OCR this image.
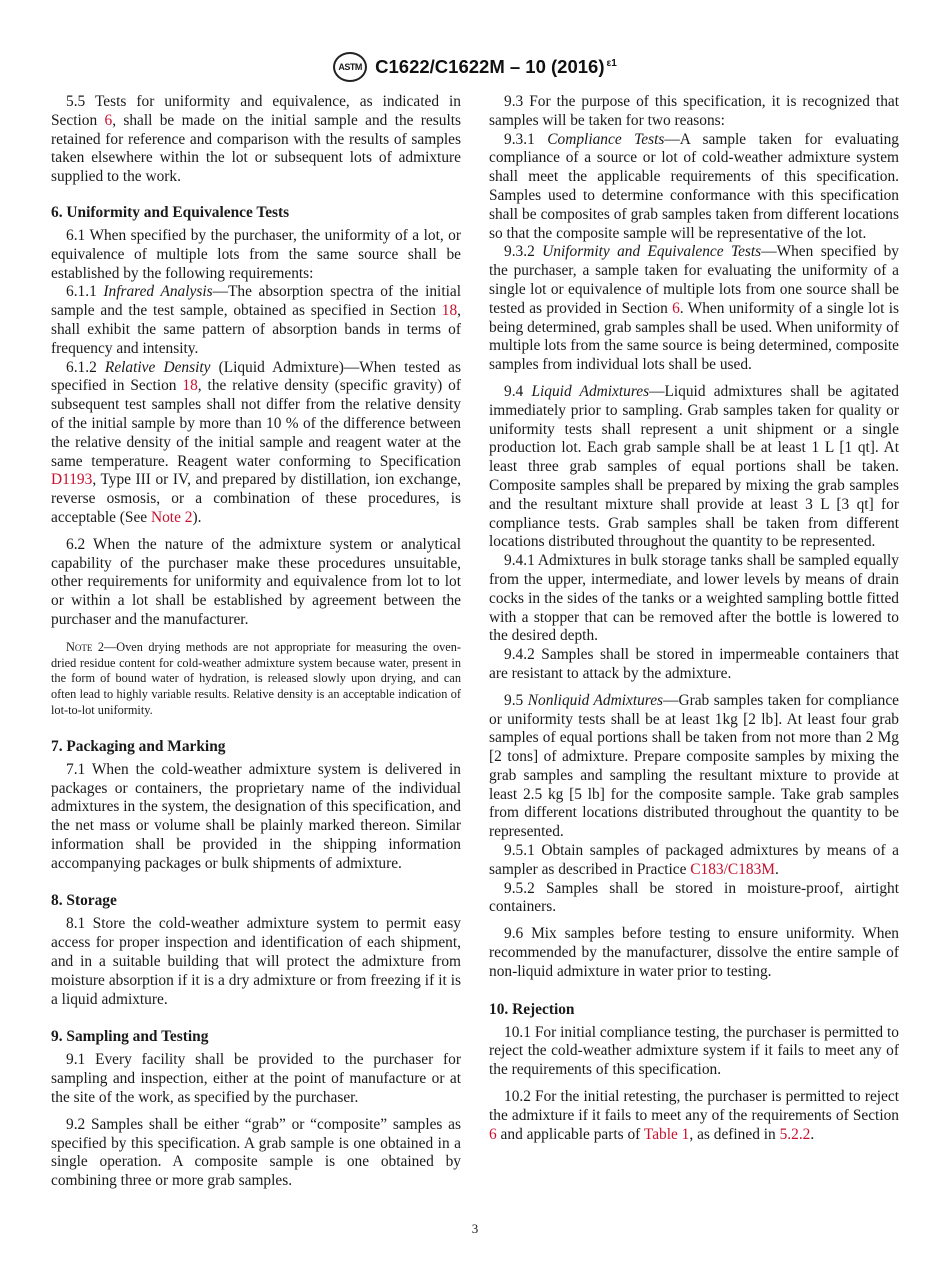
ASTM C1622/C1622M – 10 (2016) $^{\varepsilon 1}$

5.5 Tests for uniformity and equivalence, as indicated in Section 6, shall be made on the initial sample and the results retained for reference and comparison with the results of samples taken elsewhere within the lot or subsequent lots of admixture supplied to the work.

6. Uniformity and Equivalence Tests

6.1 When specified by the purchaser, the uniformity of a lot, or equivalence of multiple lots from the same source shall be established by the following requirements:

6.1.1 Infrared Analysis—The absorption spectra of the initial sample and the test sample, obtained as specified in Section 18, shall exhibit the same pattern of absorption bands in terms of frequency and intensity.

6.1.2 Relative Density (Liquid Admixture)—When tested as specified in Section 18, the relative density (specific gravity) of subsequent test samples shall not differ from the relative density of the initial sample by more than 10 % of the difference between the relative density of the initial sample and reagent water at the same temperature. Reagent water conforming to Specification D1193, Type III or IV, and prepared by distillation, ion exchange, reverse osmosis, or a combination of these procedures, is acceptable (See Note 2).

6.2 When the nature of the admixture system or analytical capability of the purchaser make these procedures unsuitable, other requirements for uniformity and equivalence from lot to lot or within a lot shall be established by agreement between the purchaser and the manufacturer.

Note 2—Oven drying methods are not appropriate for measuring the oven-dried residue content for cold-weather admixture system because water, present in the form of bound water of hydration, is released slowly upon drying, and can often lead to highly variable results. Relative density is an acceptable indication of lot-to-lot uniformity.
7. Packaging and Marking

7.1 When the cold-weather admixture system is delivered in packages or containers, the proprietary name of the individual admixtures in the system, the designation of this specification, and the net mass or volume shall be plainly marked thereon. Similar information shall be provided in the shipping information accompanying packages or bulk shipments of admixture.

8. Storage

8.1 Store the cold-weather admixture system to permit easy access for proper inspection and identification of each shipment, and in a suitable building that will protect the admixture from moisture absorption if it is a dry admixture or from freezing if it is a liquid admixture.

9. Sampling and Testing

9.1 Every facility shall be provided to the purchaser for sampling and inspection, either at the point of manufacture or at the site of the work, as specified by the purchaser.

9.2 Samples shall be either “grab” or “composite” samples as specified by this specification. A grab sample is one obtained in a single operation. A composite sample is one obtained by combining three or more grab samples.

9.3 For the purpose of this specification, it is recognized that samples will be taken for two reasons:

9.3.1 Compliance Tests—A sample taken for evaluating compliance of a source or lot of cold-weather admixture system shall meet the applicable requirements of this specification. Samples used to determine conformance with this specification shall be composites of grab samples taken from different locations so that the composite sample will be representative of the lot.

9.3.2 Uniformity and Equivalence Tests—When specified by the purchaser, a sample taken for evaluating the uniformity of a single lot or equivalence of multiple lots from one source shall be tested as provided in Section 6. When uniformity of a single lot is being determined, grab samples shall be used. When uniformity of multiple lots from the same source is being determined, composite samples from individual lots shall be used.

9.4 Liquid Admixtures—Liquid admixtures shall be agitated immediately prior to sampling. Grab samples taken for quality or uniformity tests shall represent a unit shipment or a single production lot. Each grab sample shall be at least 1 L [1 qt]. At least three grab samples of equal portions shall be taken. Composite samples shall be prepared by mixing the grab samples and the resultant mixture shall provide at least 3 L [3 qt] for compliance tests. Grab samples shall be taken from different locations distributed throughout the quantity to be represented.

9.4.1 Admixtures in bulk storage tanks shall be sampled equally from the upper, intermediate, and lower levels by means of drain cocks in the sides of the tanks or a weighted sampling bottle fitted with a stopper that can be removed after the bottle is lowered to the desired depth.

9.4.2 Samples shall be stored in impermeable containers that are resistant to attack by the admixture.

9.5 Nonliquid Admixtures—Grab samples taken for compliance or uniformity tests shall be at least 1kg [2 lb]. At least four grab samples of equal portions shall be taken from not more than 2 Mg [2 tons] of admixture. Prepare composite samples by mixing the grab samples and sampling the resultant mixture to provide at least 2.5 kg [5 lb] for the composite sample. Take grab samples from different locations distributed throughout the quantity to be represented.

9.5.1 Obtain samples of packaged admixtures by means of a sampler as described in Practice C183/C183M.

9.5.2 Samples shall be stored in moisture-proof, airtight containers.

9.6 Mix samples before testing to ensure uniformity. When recommended by the manufacturer, dissolve the entire sample of non-liquid admixture in water prior to testing.

10. Rejection

10.1 For initial compliance testing, the purchaser is permitted to reject the cold-weather admixture system if it fails to meet any of the requirements of this specification.

10.2 For the initial retesting, the purchaser is permitted to reject the admixture if it fails to meet any of the requirements of Section 6 and applicable parts of Table 1, as defined in 5.2.2.

3
